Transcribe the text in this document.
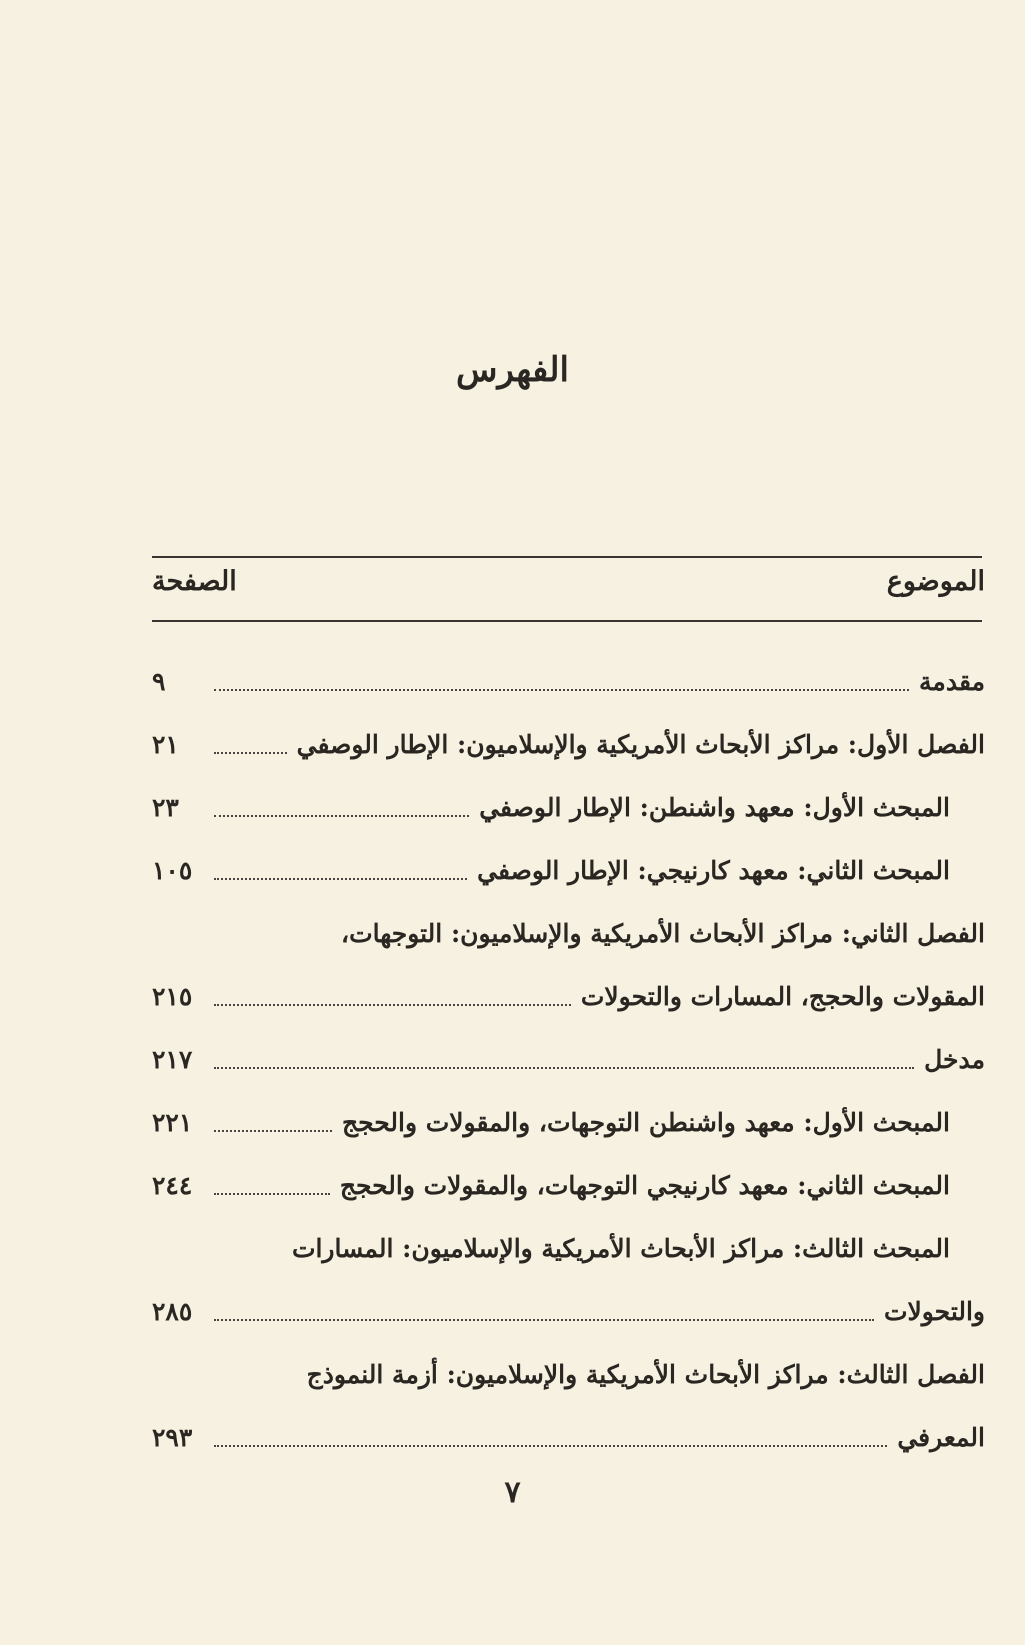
الفهرس
الموضوع
الصفحة
مقدمة
٩
الفصل الأول: مراكز الأبحاث الأمريكية والإسلاميون: الإطار الوصفي
٢١
المبحث الأول: معهد واشنطن: الإطار الوصفي
٢٣
المبحث الثاني: معهد كارنيجي: الإطار الوصفي
١٠٥
الفصل الثاني: مراكز الأبحاث الأمريكية والإسلاميون: التوجهات،
المقولات والحجج، المسارات والتحولات
٢١٥
مدخل
٢١٧
المبحث الأول: معهد واشنطن التوجهات، والمقولات والحجج
٢٢١
المبحث الثاني: معهد كارنيجي التوجهات، والمقولات والحجج
٢٤٤
المبحث الثالث: مراكز الأبحاث الأمريكية والإسلاميون: المسارات
والتحولات
٢٨٥
الفصل الثالث: مراكز الأبحاث الأمريكية والإسلاميون: أزمة النموذج
المعرفي
٢٩٣
٧
